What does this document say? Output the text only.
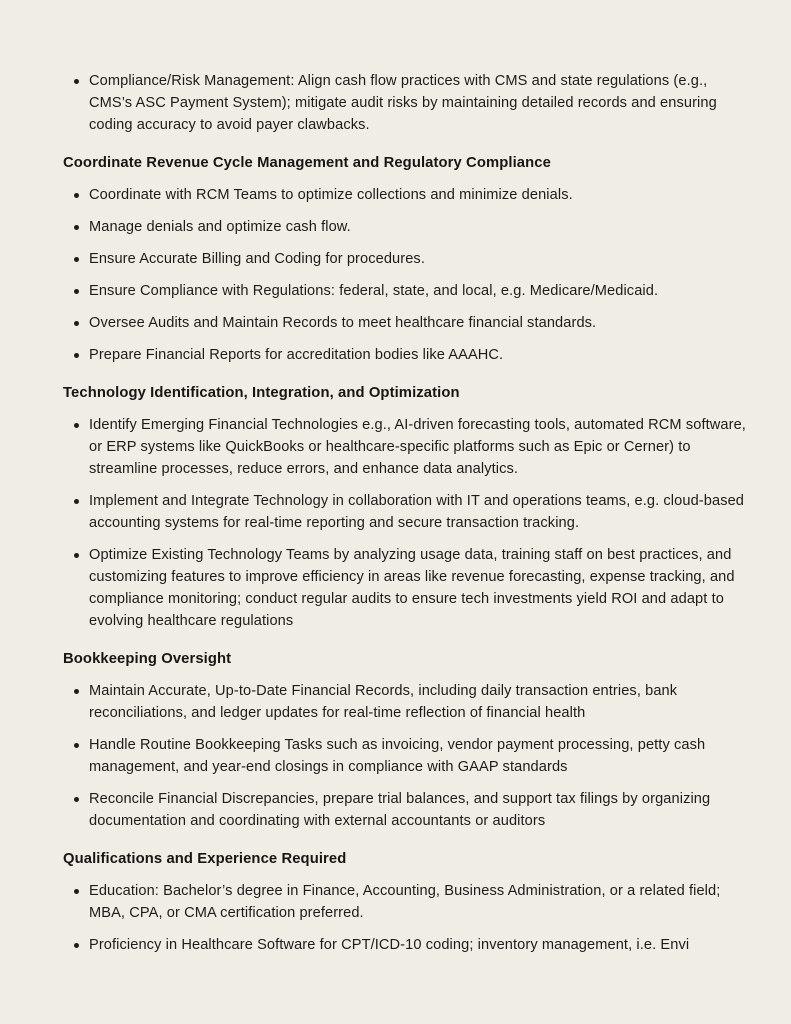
Compliance/Risk Management: Align cash flow practices with CMS and state regulations (e.g., CMS’s ASC Payment System); mitigate audit risks by maintaining detailed records and ensuring coding accuracy to avoid payer clawbacks.
Coordinate Revenue Cycle Management and Regulatory Compliance
Coordinate with RCM Teams to optimize collections and minimize denials.
Manage denials and optimize cash flow.
Ensure Accurate Billing and Coding for procedures.
Ensure Compliance with Regulations: federal, state, and local, e.g. Medicare/Medicaid.
Oversee Audits and Maintain Records to meet healthcare financial standards.
Prepare Financial Reports for accreditation bodies like AAAHC.
Technology Identification, Integration, and Optimization
Identify Emerging Financial Technologies e.g., AI-driven forecasting tools, automated RCM software, or ERP systems like QuickBooks or healthcare-specific platforms such as Epic or Cerner) to streamline processes, reduce errors, and enhance data analytics.
Implement and Integrate Technology in collaboration with IT and operations teams, e.g. cloud-based accounting systems for real-time reporting and secure transaction tracking.
Optimize Existing Technology Teams by analyzing usage data, training staff on best practices, and customizing features to improve efficiency in areas like revenue forecasting, expense tracking, and compliance monitoring; conduct regular audits to ensure tech investments yield ROI and adapt to evolving healthcare regulations
Bookkeeping Oversight
Maintain Accurate, Up-to-Date Financial Records, including daily transaction entries, bank reconciliations, and ledger updates for real-time reflection of financial health
Handle Routine Bookkeeping Tasks such as invoicing, vendor payment processing, petty cash management, and year-end closings in compliance with GAAP standards
Reconcile Financial Discrepancies, prepare trial balances, and support tax filings by organizing documentation and coordinating with external accountants or auditors
Qualifications and Experience Required
Education: Bachelor’s degree in Finance, Accounting, Business Administration, or a related field; MBA, CPA, or CMA certification preferred.
Proficiency in Healthcare Software for CPT/ICD-10 coding; inventory management, i.e. Envi
